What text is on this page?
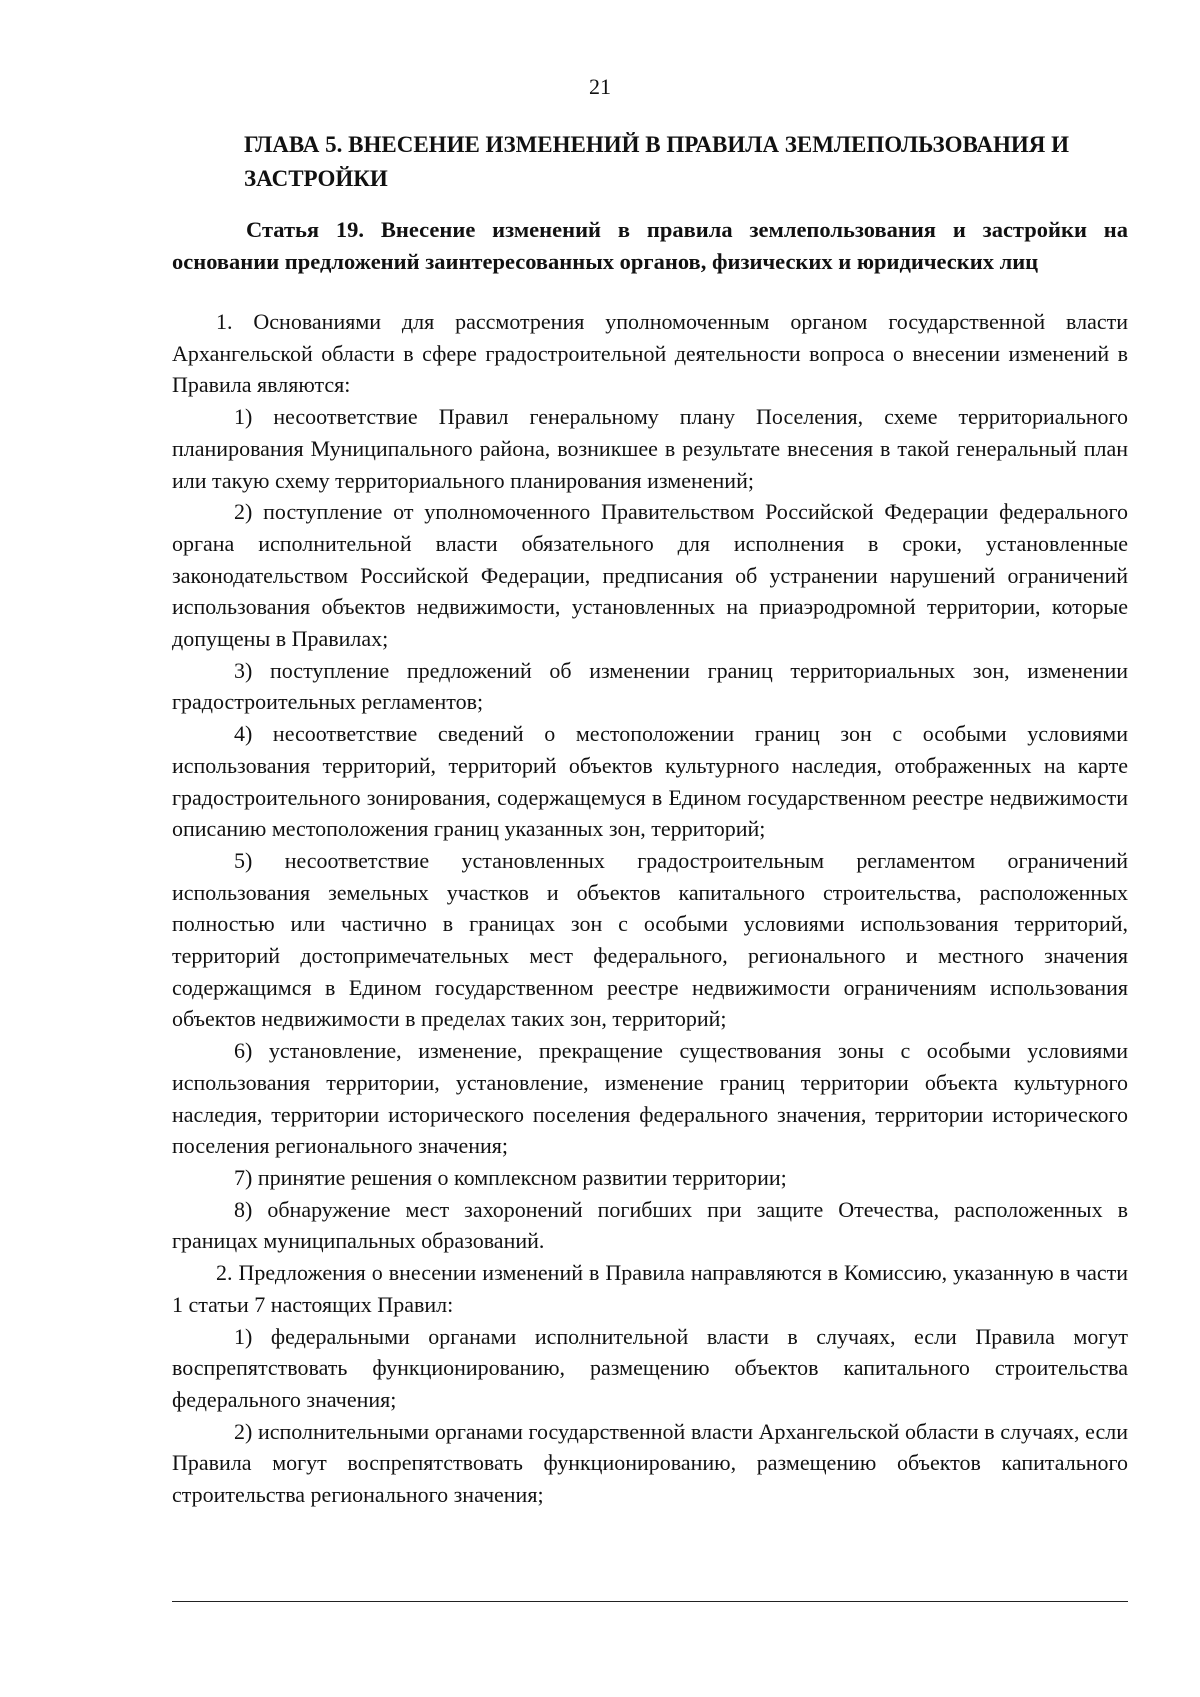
21
ГЛАВА 5. ВНЕСЕНИЕ ИЗМЕНЕНИЙ В ПРАВИЛА ЗЕМЛЕПОЛЬЗОВАНИЯ И ЗАСТРОЙКИ
Статья 19. Внесение изменений в правила землепользования и застройки на основании предложений заинтересованных органов, физических и юридических лиц

1. Основаниями для рассмотрения уполномоченным органом государственной власти Архангельской области в сфере градостроительной деятельности вопроса о внесении изменений в Правила являются:

1) несоответствие Правил генеральному плану Поселения, схеме территориального планирования Муниципального района, возникшее в результате внесения в такой генеральный план или такую схему территориального планирования изменений;

2) поступление от уполномоченного Правительством Российской Федерации федерального органа исполнительной власти обязательного для исполнения в сроки, установленные законодательством Российской Федерации, предписания об устранении нарушений ограничений использования объектов недвижимости, установленных на приаэродромной территории, которые допущены в Правилах;

3) поступление предложений об изменении границ территориальных зон, изменении градостроительных регламентов;

4) несоответствие сведений о местоположении границ зон с особыми условиями использования территорий, территорий объектов культурного наследия, отображенных на карте градостроительного зонирования, содержащемуся в Едином государственном реестре недвижимости описанию местоположения границ указанных зон, территорий;

5) несоответствие установленных градостроительным регламентом ограничений использования земельных участков и объектов капитального строительства, расположенных полностью или частично в границах зон с особыми условиями использования территорий, территорий достопримечательных мест федерального, регионального и местного значения содержащимся в Едином государственном реестре недвижимости ограничениям использования объектов недвижимости в пределах таких зон, территорий;

6) установление, изменение, прекращение существования зоны с особыми условиями использования территории, установление, изменение границ территории объекта культурного наследия, территории исторического поселения федерального значения, территории исторического поселения регионального значения;

7) принятие решения о комплексном развитии территории;

8) обнаружение мест захоронений погибших при защите Отечества, расположенных в границах муниципальных образований.

2. Предложения о внесении изменений в Правила направляются в Комиссию, указанную в части 1 статьи 7 настоящих Правил:

1) федеральными органами исполнительной власти в случаях, если Правила могут воспрепятствовать функционированию, размещению объектов капитального строительства федерального значения;

2) исполнительными органами государственной власти Архангельской области в случаях, если Правила могут воспрепятствовать функционированию, размещению объектов капитального строительства регионального значения;
